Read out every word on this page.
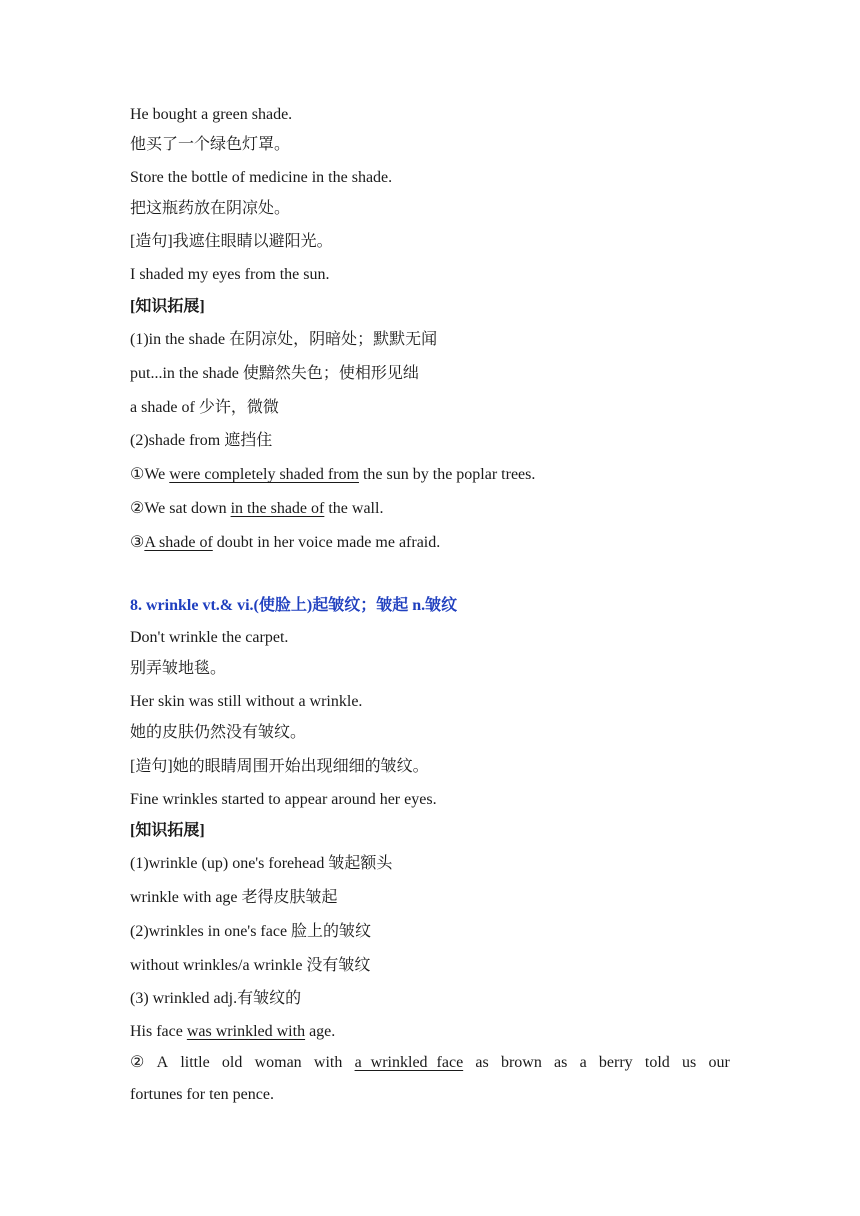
He bought a green shade.
他买了一个绿色灯罩。
Store the bottle of medicine in the shade.
把这瓶药放在阴凉处。
[造句]我遮住眼睛以避阳光。
I shaded my eyes from the sun.
[知识拓展]
(1)in the shade 在阴凉处，阴暗处；默默无闻
put...in the shade 使黯然失色；使相形见绌
a shade of 少许，微微
(2)shade from 遮挡住
①We were completely shaded from the sun by the poplar trees.
②We sat down in the shade of the wall.
③A shade of doubt in her voice made me afraid.
8. wrinkle vt.& vi.(使脸上)起皱纹；皱起 n.皱纹
Don't wrinkle the carpet.
别弄皱地毯。
Her skin was still without a wrinkle.
她的皮肤仍然没有皱纹。
[造句]她的眼睛周围开始出现细细的皱纹。
Fine wrinkles started to appear around her eyes.
[知识拓展]
(1)wrinkle (up) one's forehead 皱起额头
wrinkle with age 老得皮肤皱起
(2)wrinkles in one's face 脸上的皱纹
without wrinkles/a wrinkle 没有皱纹
(3) wrinkled adj.有皱纹的
His face was wrinkled with age.
② A little old woman with a wrinkled face as brown as a berry told us our
fortunes for ten pence.
